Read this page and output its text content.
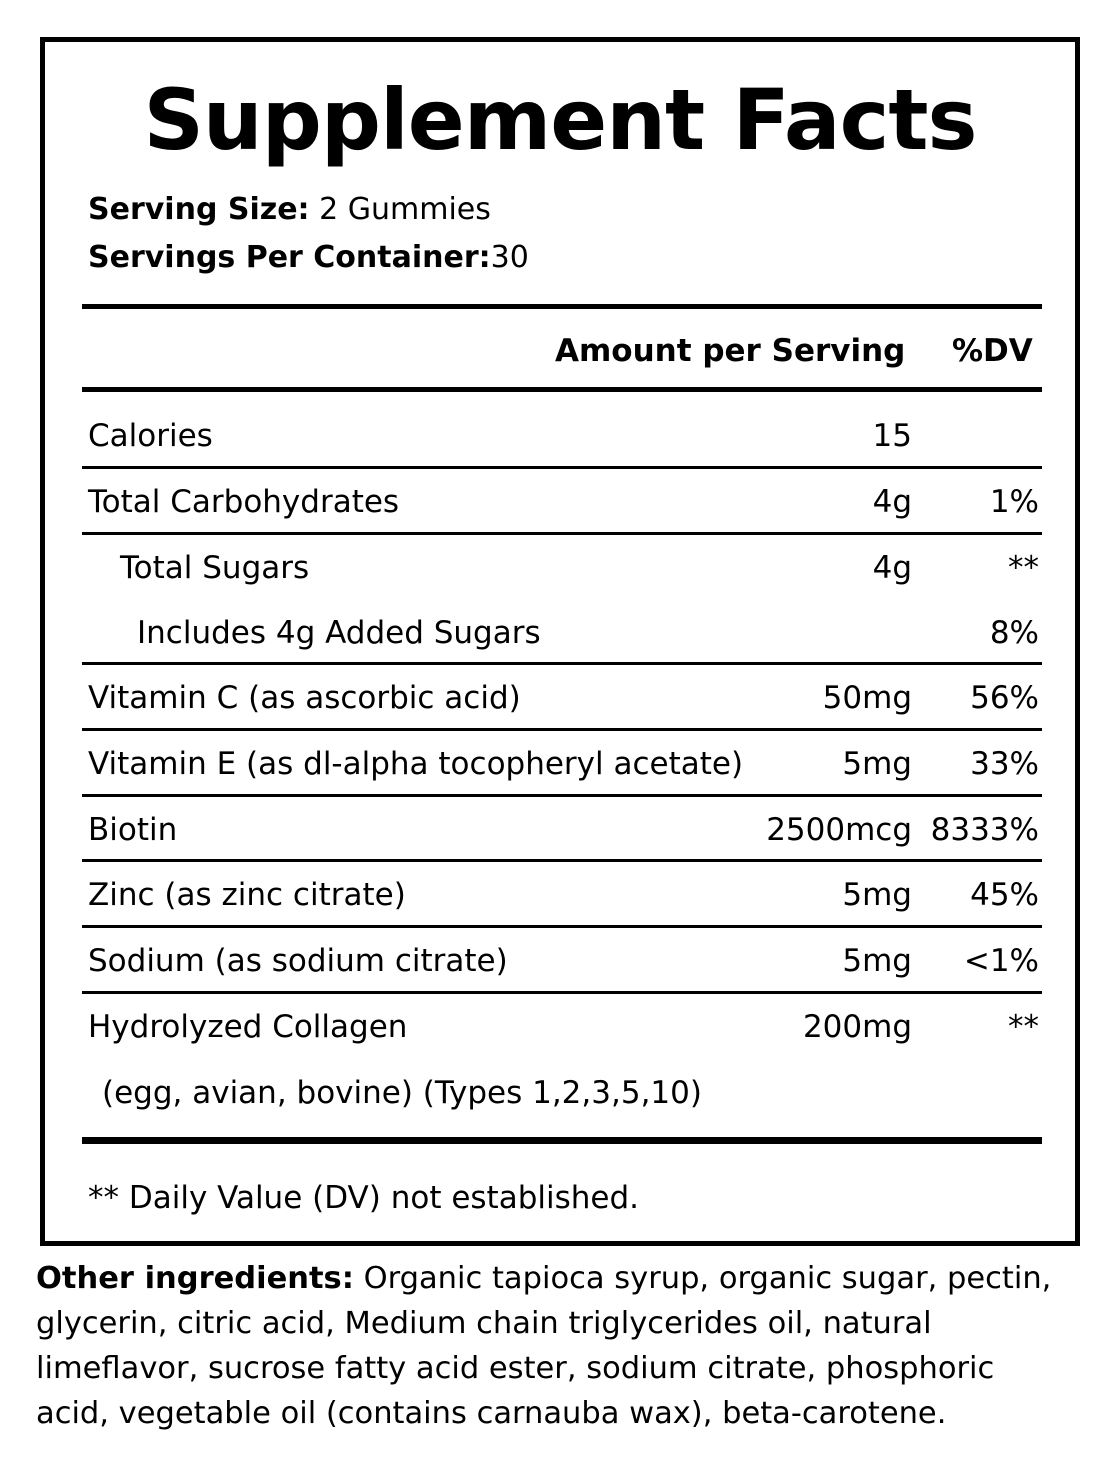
Supplement Facts
Serving Size: 2 Gummies
Servings Per Container:30
Amount per Serving %DV
Calories	15
Total Carbohydrates	4g	1%
Total Sugars	4g	**
Includes 4g Added Sugars	8%
Vitamin C (as ascorbic acid)	50mg 56%
Vitamin E (as dl-alpha tocopheryl acetate)	5mg 33%
Biotin	2500mcg 8333%
Zinc (as zinc citrate)	5mg 45%
Sodium (as sodium citrate)	5mg <1%
Hydrolyzed Collagen	200mg	**
(egg, avian, bovine) (Types 1,2,3,5,10)
** Daily Value (DV) not established.
Other ingredients: Organic tapioca syrup, organic sugar, pectin, glycerin, citric acid, Medium chain triglycerides oil, natural limeflavor, sucrose fatty acid ester, sodium citrate, phosphoric acid, vegetable oil (contains carnauba wax), beta-carotene.
